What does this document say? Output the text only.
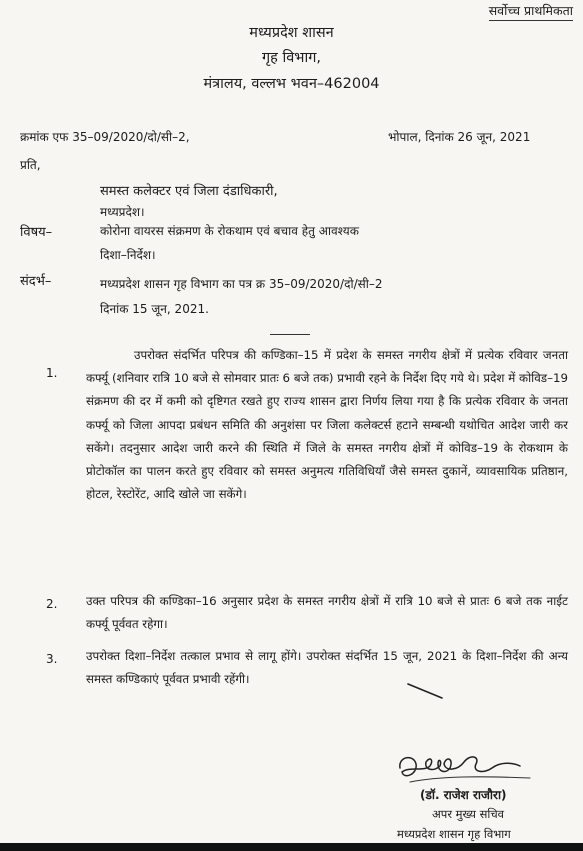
सर्वोच्च प्राथमिकता
मध्यप्रदेश शासन
गृह विभाग,
मंत्रालय, वल्लभ भवन–462004
क्रमांक एफ 35–09/2020/दो/सी–2,	भोपाल, दिनांक 26 जून, 2021
प्रति,
समस्त कलेक्टर एवं जिला दंडाधिकारी,
मध्यप्रदेश।
विषय–	कोरोना वायरस संक्रमण के रोकथाम एवं बचाव हेतु आवश्यक
दिशा–निर्देश।
संदर्भ–	मध्यप्रदेश शासन गृह विभाग का पत्र क्र 35–09/2020/दो/सी–2
दिनांक 15 जून, 2021.
1.
उपरोक्त संदर्भित परिपत्र की कण्डिका–15 में प्रदेश के समस्त नगरीय क्षेत्रों में प्रत्येक रविवार जनता कर्फ्यू (शनिवार रात्रि 10 बजे से सोमवार प्रातः 6 बजे तक) प्रभावी रहने के निर्देश दिए गये थे। प्रदेश में कोविड–19 संक्रमण की दर में कमी को दृष्टिगत रखते हुए राज्य शासन द्वारा निर्णय लिया गया है कि प्रत्येक रविवार के जनता कर्फ्यू को जिला आपदा प्रबंधन समिति की अनुशंसा पर जिला कलेक्टर्स हटाने सम्बन्धी यथोचित आदेश जारी कर सकेंगे। तदनुसार आदेश जारी करने की स्थिति में जिले के समस्त नगरीय क्षेत्रों में कोविड–19 के रोकथाम के प्रोटोकॉल का पालन करते हुए रविवार को समस्त अनुमत्य गतिविधियाँ जैसे समस्त दुकानें, व्यावसायिक प्रतिष्ठान, होटल, रेस्टोरेंट, आदि खोले जा सकेंगे।
2. उक्त परिपत्र की कण्डिका–16 अनुसार प्रदेश के समस्त नगरीय क्षेत्रों में रात्रि 10 बजे से प्रातः 6 बजे तक नाईट कर्फ्यू पूर्ववत रहेगा।
3. उपरोक्त दिशा–निर्देश तत्काल प्रभाव से लागू होंगे। उपरोक्त संदर्भित 15 जून, 2021 के दिशा–निर्देश की अन्य समस्त कण्डिकाएं पूर्ववत प्रभावी रहेंगी।
(डॉ. राजेश राजौरा)
अपर मुख्य सचिव
मध्यप्रदेश शासन गृह विभाग
